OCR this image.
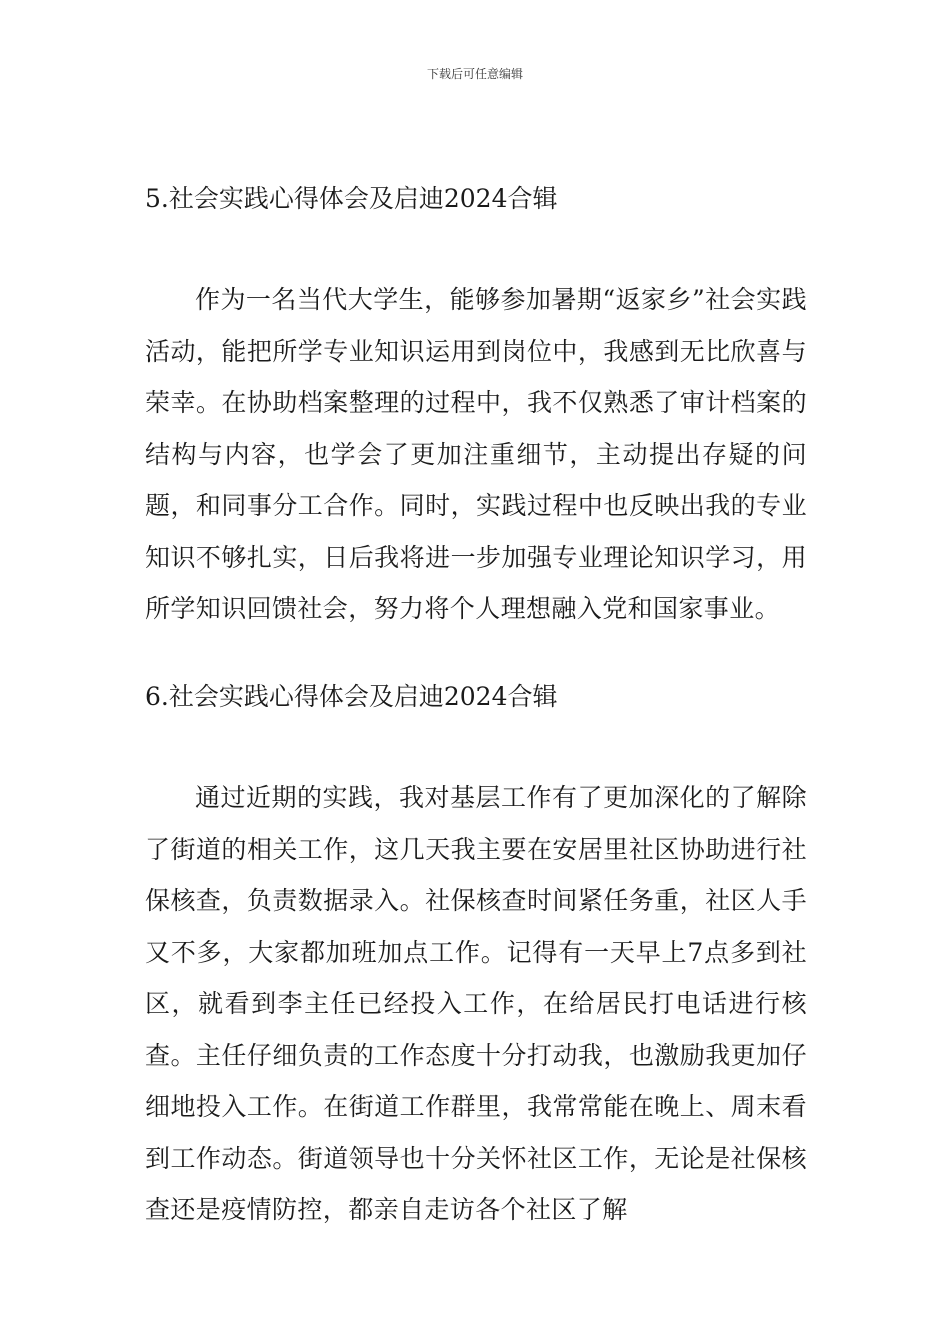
下载后可任意编辑
5.社会实践心得体会及启迪2024合辑
作为一名当代大学生，能够参加暑期“返家乡”社会实践活动，能把所学专业知识运用到岗位中，我感到无比欣喜与荣幸。在协助档案整理的过程中，我不仅熟悉了审计档案的结构与内容，也学会了更加注重细节，主动提出存疑的问题，和同事分工合作。同时，实践过程中也反映出我的专业知识不够扎实，日后我将进一步加强专业理论知识学习，用所学知识回馈社会，努力将个人理想融入党和国家事业。
6.社会实践心得体会及启迪2024合辑
通过近期的实践，我对基层工作有了更加深化的了解除了街道的相关工作，这几天我主要在安居里社区协助进行社保核查，负责数据录入。社保核查时间紧任务重，社区人手又不多，大家都加班加点工作。记得有一天早上7点多到社区，就看到李主任已经投入工作，在给居民打电话进行核查。主任仔细负责的工作态度十分打动我，也激励我更加仔细地投入工作。在街道工作群里，我常常能在晚上、周末看到工作动态。街道领导也十分关怀社区工作，无论是社保核查还是疫情防控，都亲自走访各个社区了解
